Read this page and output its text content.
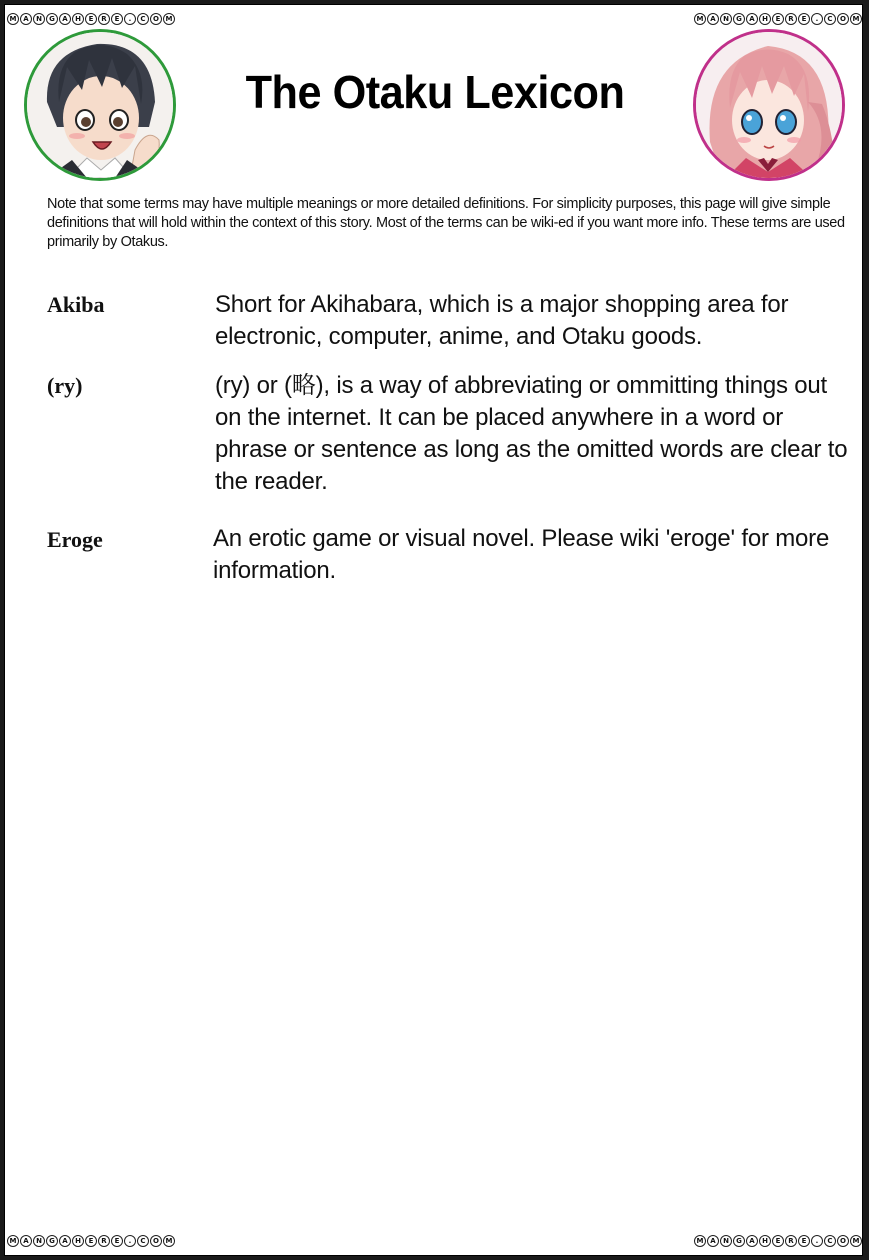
M A	N	G	A	H	E	R	E	.	C	O M	M A	N	G	A	H	E	R	E	.	C	O M
M A	N	G	A	H	E	R	E	.	C	O M	M A	N	G	A	H	E	R	E	.	C	O M
The Otaku Lexicon
Note that some terms may have multiple meanings or more detailed definitions. For simplicity purposes, this page will give simple definitions that will hold within the context of this story. Most of the terms can be wiki-ed if you want more info. These terms are used primarily by Otakus.
Akiba	Short for Akihabara, which is a major shopping area for electronic, computer, anime, and Otaku goods.
(ry)	(ry) or (略), is a way of abbreviating or ommitting things out on the internet. It can be placed anywhere in a word or phrase or sentence as long as the omitted words are clear to the reader.
Eroge	An erotic game or visual novel. Please wiki 'eroge' for more information.
